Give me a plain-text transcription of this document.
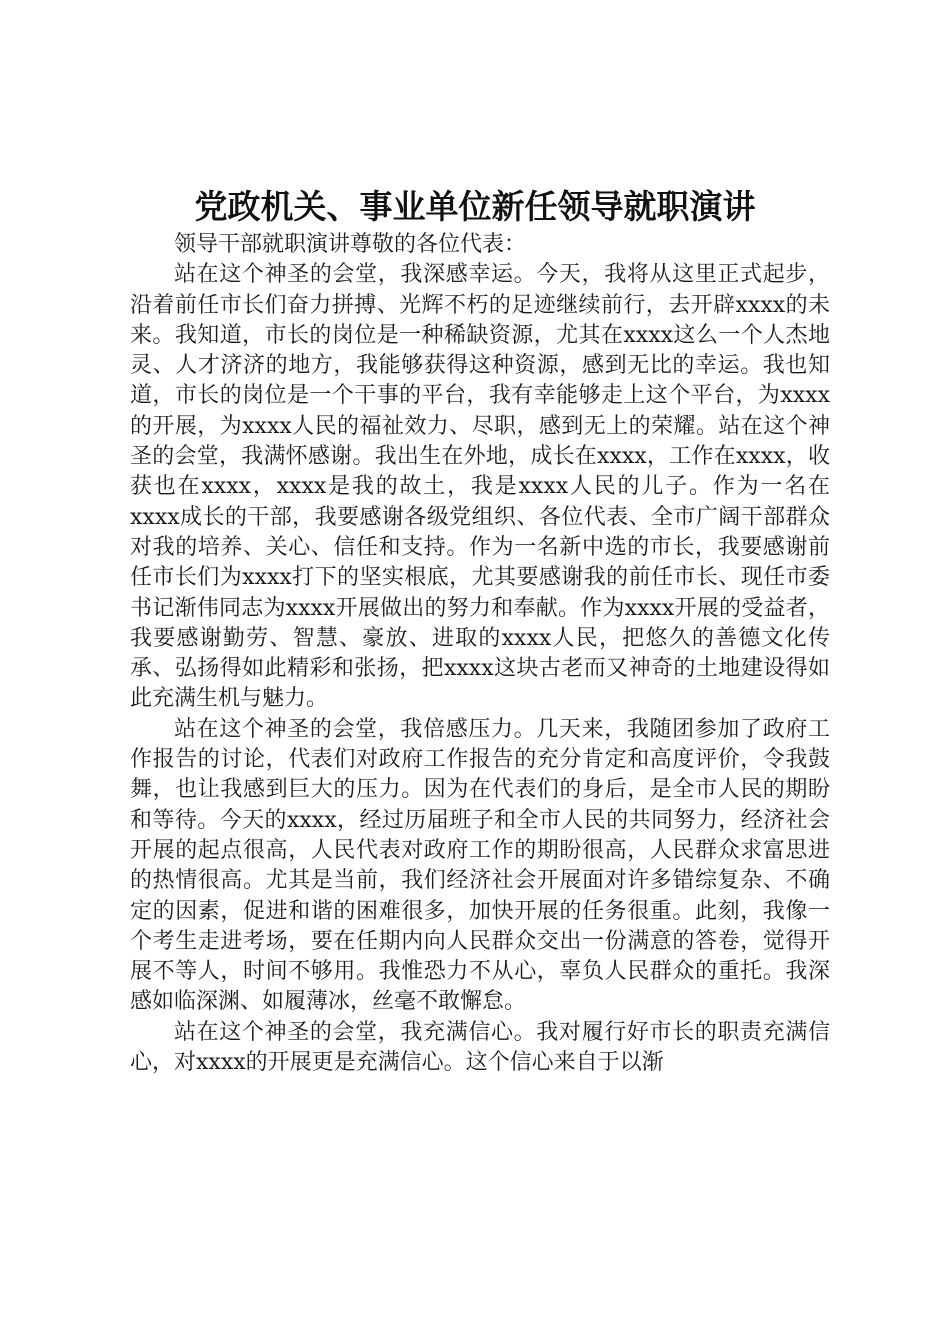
党政机关、事业单位新任领导就职演讲

领导干部就职演讲尊敬的各位代表：

站在这个神圣的会堂，我深感幸运。今天，我将从这里正式起步，沿着前任市长们奋力拼搏、光辉不朽的足迹继续前行，去开辟xxxx的未来。我知道，市长的岗位是一种稀缺资源，尤其在xxxx这么一个人杰地灵、人才济济的地方，我能够获得这种资源，感到无比的幸运。我也知道，市长的岗位是一个干事的平台，我有幸能够走上这个平台，为xxxx的开展，为xxxx人民的福祉效力、尽职，感到无上的荣耀。站在这个神圣的会堂，我满怀感谢。我出生在外地，成长在xxxx，工作在xxxx，收获也在xxxx，xxxx是我的故土，我是xxxx人民的儿子。作为一名在xxxx成长的干部，我要感谢各级党组织、各位代表、全市广阔干部群众对我的培养、关心、信任和支持。作为一名新中选的市长，我要感谢前任市长们为xxxx打下的坚实根底，尤其要感谢我的前任市长、现任市委书记渐伟同志为xxxx开展做出的努力和奉献。作为xxxx开展的受益者，我要感谢勤劳、智慧、豪放、进取的xxxx人民，把悠久的善德文化传承、弘扬得如此精彩和张扬，把xxxx这块古老而又神奇的土地建设得如此充满生机与魅力。

站在这个神圣的会堂，我倍感压力。几天来，我随团参加了政府工作报告的讨论，代表们对政府工作报告的充分肯定和高度评价，令我鼓舞，也让我感到巨大的压力。因为在代表们的身后，是全市人民的期盼和等待。今天的xxxx，经过历届班子和全市人民的共同努力，经济社会开展的起点很高，人民代表对政府工作的期盼很高，人民群众求富思进的热情很高。尤其是当前，我们经济社会开展面对许多错综复杂、不确定的因素，促进和谐的困难很多，加快开展的任务很重。此刻，我像一个考生走进考场，要在任期内向人民群众交出一份满意的答卷，觉得开展不等人，时间不够用。我惟恐力不从心，辜负人民群众的重托。我深感如临深渊、如履薄冰，丝毫不敢懈怠。

站在这个神圣的会堂，我充满信心。我对履行好市长的职责充满信心，对xxxx的开展更是充满信心。这个信心来自于以渐
